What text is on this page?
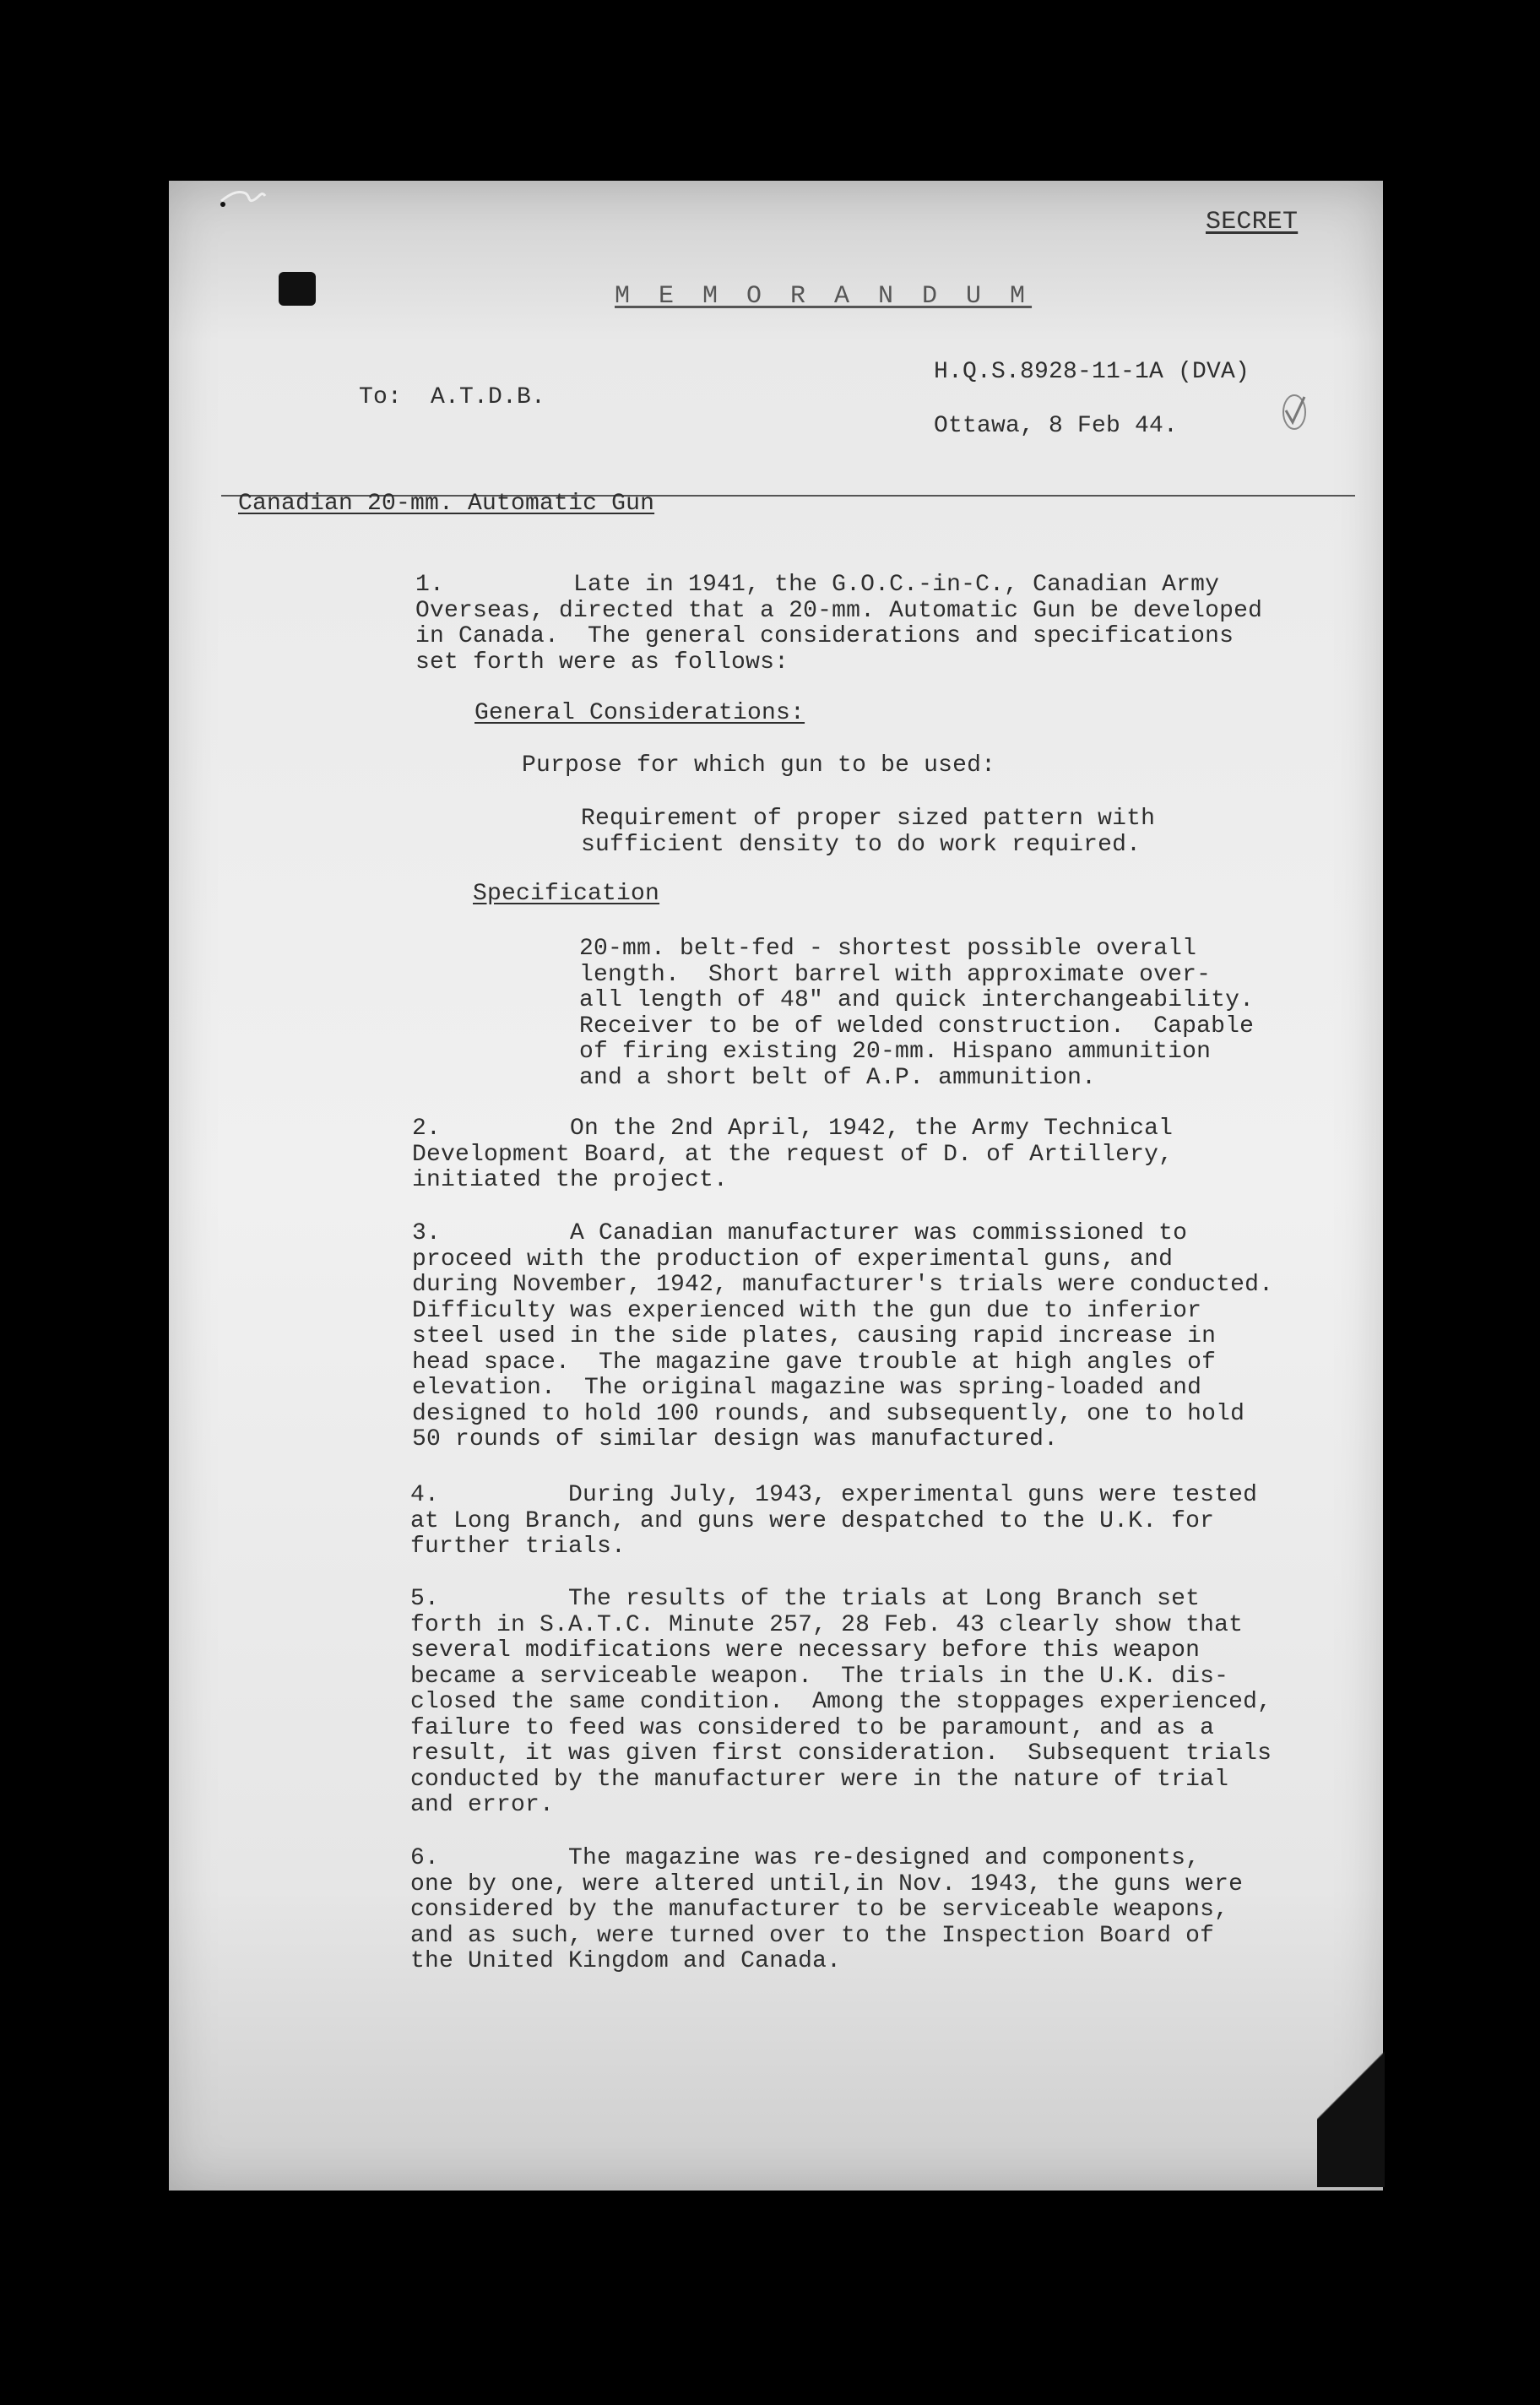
SECRET
M E M O R A N D U M
To:  A.T.D.B.
H.Q.S.8928-11-1A (DVA)
Ottawa, 8 Feb 44.
Canadian 20-mm. Automatic Gun
1.         Late in 1941, the G.O.C.-in-C., Canadian Army
Overseas, directed that a 20-mm. Automatic Gun be developed
in Canada.  The general considerations and specifications
set forth were as follows:
General Considerations:
Purpose for which gun to be used:
Requirement of proper sized pattern with
sufficient density to do work required.
Specification
20-mm. belt-fed - shortest possible overall
length.  Short barrel with approximate over-
all length of 48" and quick interchangeability.
Receiver to be of welded construction.  Capable
of firing existing 20-mm. Hispano ammunition
and a short belt of A.P. ammunition.
2.         On the 2nd April, 1942, the Army Technical
Development Board, at the request of D. of Artillery,
initiated the project.
3.         A Canadian manufacturer was commissioned to
proceed with the production of experimental guns, and
during November, 1942, manufacturer's trials were conducted.
Difficulty was experienced with the gun due to inferior
steel used in the side plates, causing rapid increase in
head space.  The magazine gave trouble at high angles of
elevation.  The original magazine was spring-loaded and
designed to hold 100 rounds, and subsequently, one to hold
50 rounds of similar design was manufactured.
4.         During July, 1943, experimental guns were tested
at Long Branch, and guns were despatched to the U.K. for
further trials.
5.         The results of the trials at Long Branch set
forth in S.A.T.C. Minute 257, 28 Feb. 43 clearly show that
several modifications were necessary before this weapon
became a serviceable weapon.  The trials in the U.K. dis-
closed the same condition.  Among the stoppages experienced,
failure to feed was considered to be paramount, and as a
result, it was given first consideration.  Subsequent trials
conducted by the manufacturer were in the nature of trial
and error.
6.         The magazine was re-designed and components,
one by one, were altered until,in Nov. 1943, the guns were
considered by the manufacturer to be serviceable weapons,
and as such, were turned over to the Inspection Board of
the United Kingdom and Canada.
